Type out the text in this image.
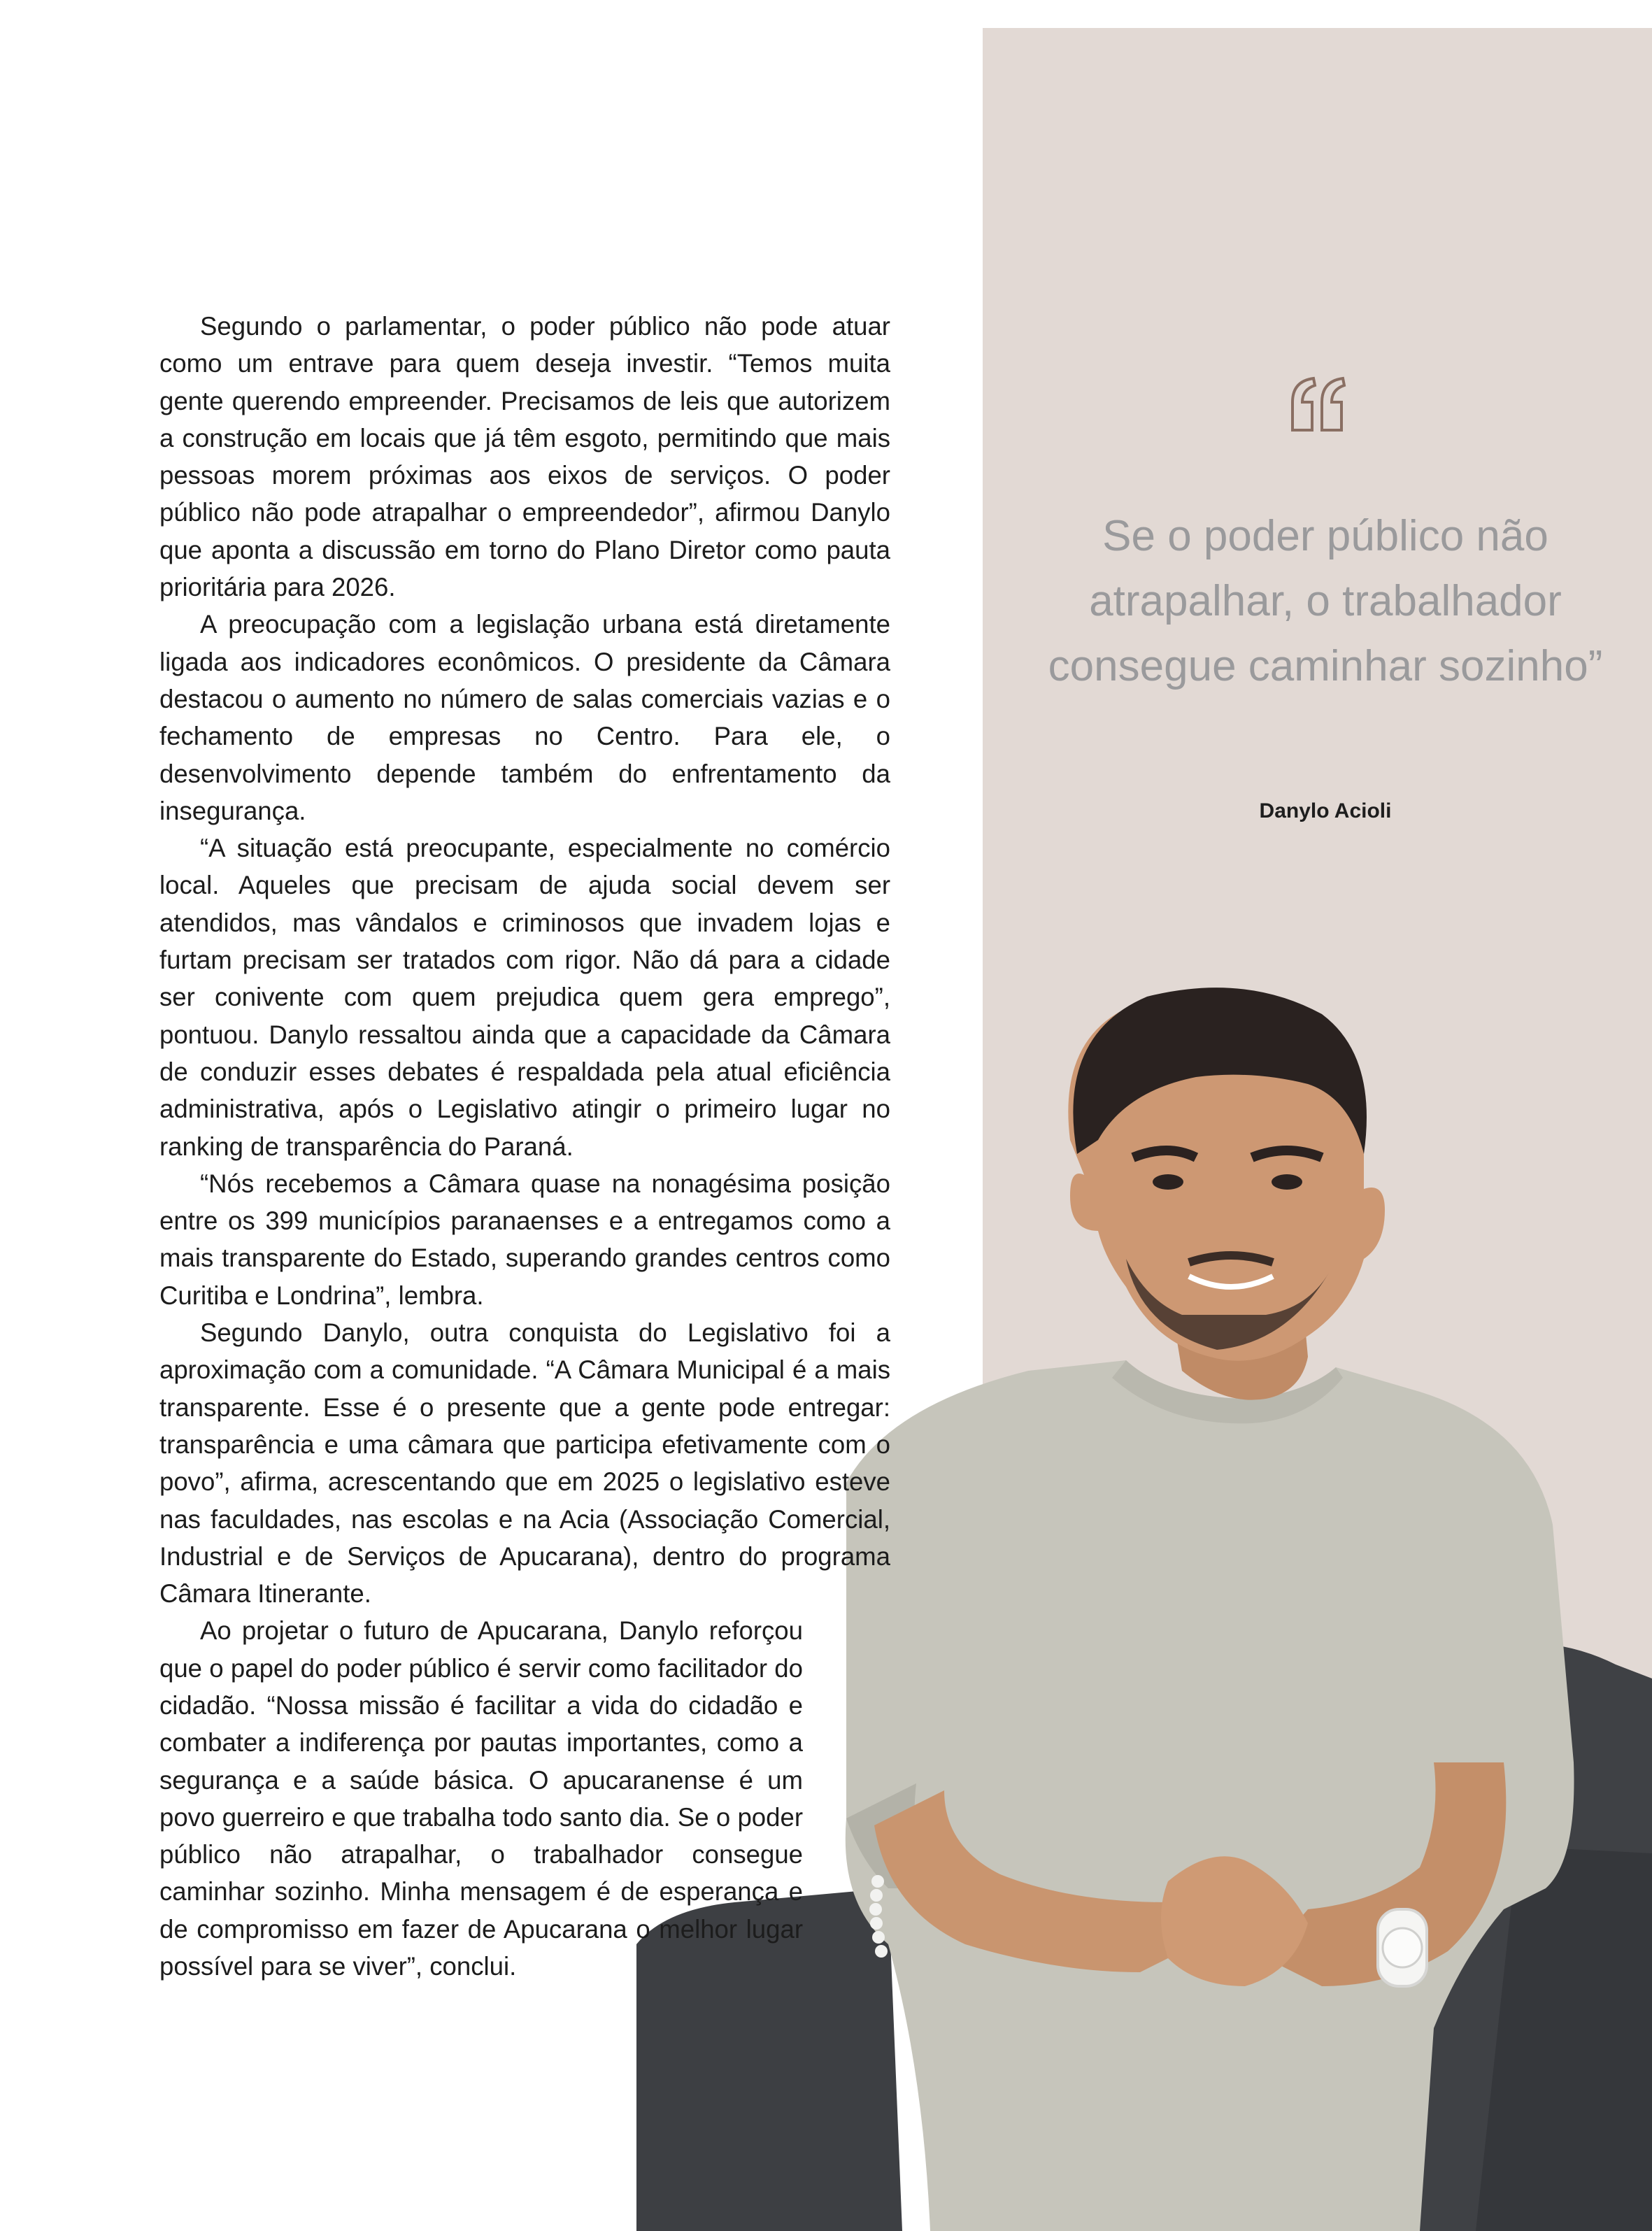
Se o poder público não atrapalhar, o trabalhador consegue caminhar sozinho”

Danylo Acioli

Segundo o parlamentar, o poder público não pode atuar como um entrave para quem deseja investir. “Temos muita gente querendo empreender. Precisamos de leis que autorizem a construção em locais que já têm esgoto, permitindo que mais pessoas morem próximas aos eixos de serviços. O poder público não pode atrapalhar o empreendedor”, afirmou Danylo que aponta a discussão em torno do Plano Diretor como pauta prioritária para 2026.

A preocupação com a legislação urbana está diretamente ligada aos indicadores econômicos. O presidente da Câmara destacou o aumento no número de salas comerciais vazias e o fechamento de empresas no Centro. Para ele, o desenvolvimento depende também do enfrentamento da insegurança.

“A situação está preocupante, especialmente no comércio local. Aqueles que precisam de ajuda social devem ser atendidos, mas vândalos e criminosos que invadem lojas e furtam precisam ser tratados com rigor. Não dá para a cidade ser conivente com quem prejudica quem gera emprego”, pontuou. Danylo ressaltou ainda que a capacidade da Câmara de conduzir esses debates é respaldada pela atual eficiência administrativa, após o Legislativo atingir o primeiro lugar no ranking de transparência do Paraná.

“Nós recebemos a Câmara quase na nonagésima posição entre os 399 municípios paranaenses e a entregamos como a mais transparente do Estado, superando grandes centros como Curitiba e Londrina”, lembra.

Segundo Danylo, outra conquista do Legislativo foi a aproximação com a comunidade. “A Câmara Municipal é a mais transparente. Esse é o presente que a gente pode entregar: transparência e uma câmara que participa efetivamente com o povo”, afirma, acrescentando que em 2025 o legislativo esteve nas faculdades, nas escolas e na Acia (Associação Comercial, Industrial e de Serviços de Apucarana), dentro do programa Câmara Itinerante.

Ao projetar o futuro de Apucarana, Danylo reforçou que o papel do poder público é servir como facilitador do cidadão. “Nossa missão é facilitar a vida do cidadão e combater a indiferença por pautas importantes, como a segurança e a saúde básica. O apucaranense é um povo guerreiro e que trabalha todo santo dia. Se o poder público não atrapalhar, o trabalhador consegue caminhar sozinho. Minha mensagem é de esperança e de compromisso em fazer de Apucarana o melhor lugar possível para se viver”, conclui.
